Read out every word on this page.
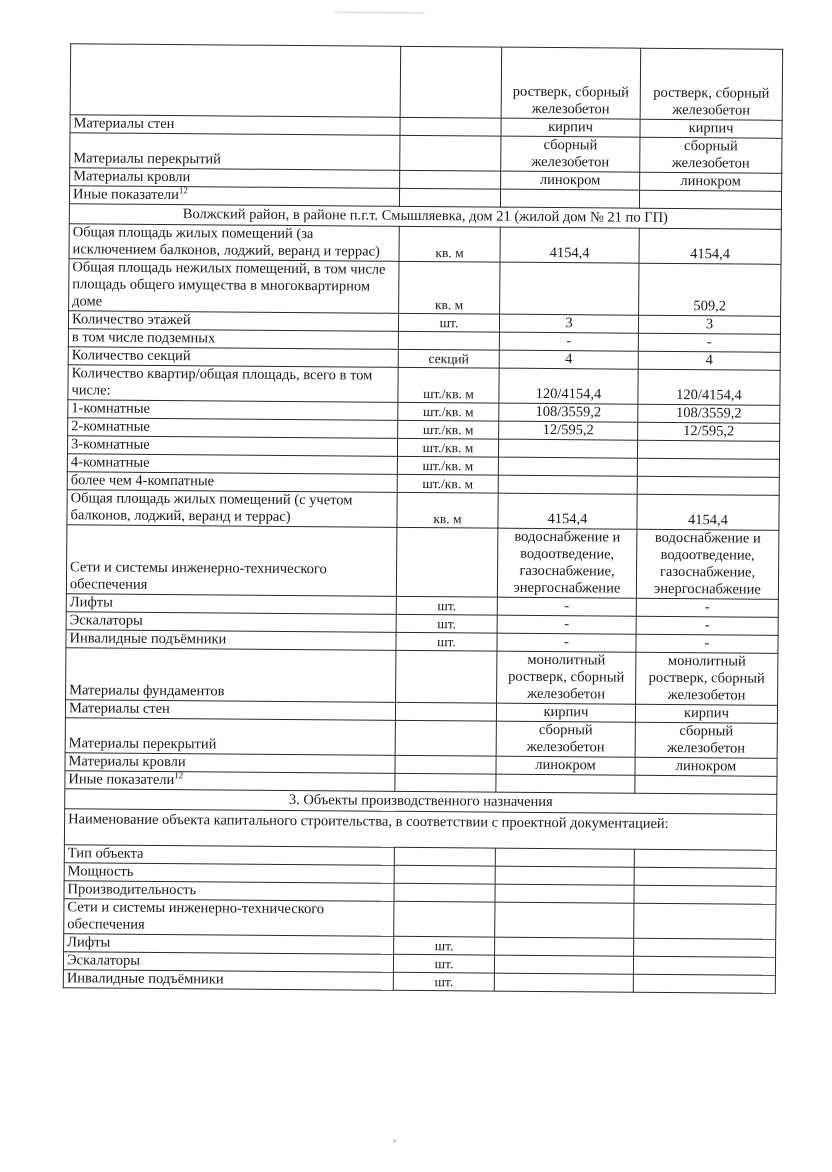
		ростверк, сборный железобетон	ростверк, сборный железобетон
Материалы стен		кирпич	кирпич
Материалы перекрытий		сборный железобетон	сборный железобетон
Материалы кровли		линокром	линокром
Иные показатели$^{12}$			
Волжский район, в районе п.г.т. Смышляевка, дом 21 (жилой дом № 21 по ГП)			
Общая площадь жилых помещений (за исключением балконов, лоджий, веранд и террас)	кв. м	4154,4	4154,4
Общая площадь нежилых помещений, в том числе площадь общего имущества в многоквартирном доме	кв. м		509,2
Количество этажей	шт.	3	3
в том числе подземных		-	-
Количество секций	секций	4	4
Количество квартир/общая площадь, всего в том числе:	шт./кв. м	120/4154,4	120/4154,4
1-комнатные	шт./кв. м	108/3559,2	108/3559,2
2-комнатные	шт./кв. м	12/595,2	12/595,2
3-комнатные	шт./кв. м		
4-комнатные	шт./кв. м		
более чем 4-компатные	шт./кв. м		
Общая площадь жилых помещений (с учетом балконов, лоджий, веранд и террас)	кв. м	4154,4	4154,4
Сети и системы инженерно-технического обеспечения		водоснабжение и водоотведение, газоснабжение, энергоснабжение	водоснабжение и водоотведение, газоснабжение, энергоснабжение
Лифты	шт.	-	-
Эскалаторы	шт.	-	-
Инвалидные подъёмники	шт.	-	-
Материалы фундаментов		монолитный ростверк, сборный железобетон	монолитный ростверк, сборный железобетон
Материалы стен		кирпич	кирпич
Материалы перекрытий		сборный железобетон	сборный железобетон
Материалы кровли		линокром	линокром
Иные показатели$^{12}$			
3. Объекты производственного назначения			
Наименование объекта капитального строительства, в соответствии с проектной документацией:			
Тип объекта			
Мощность			
Производительность			
Сети и системы инженерно-технического обеспечения			
Лифты	шт.		
Эскалаторы	шт.		
Инвалидные подъёмники	шт.		
